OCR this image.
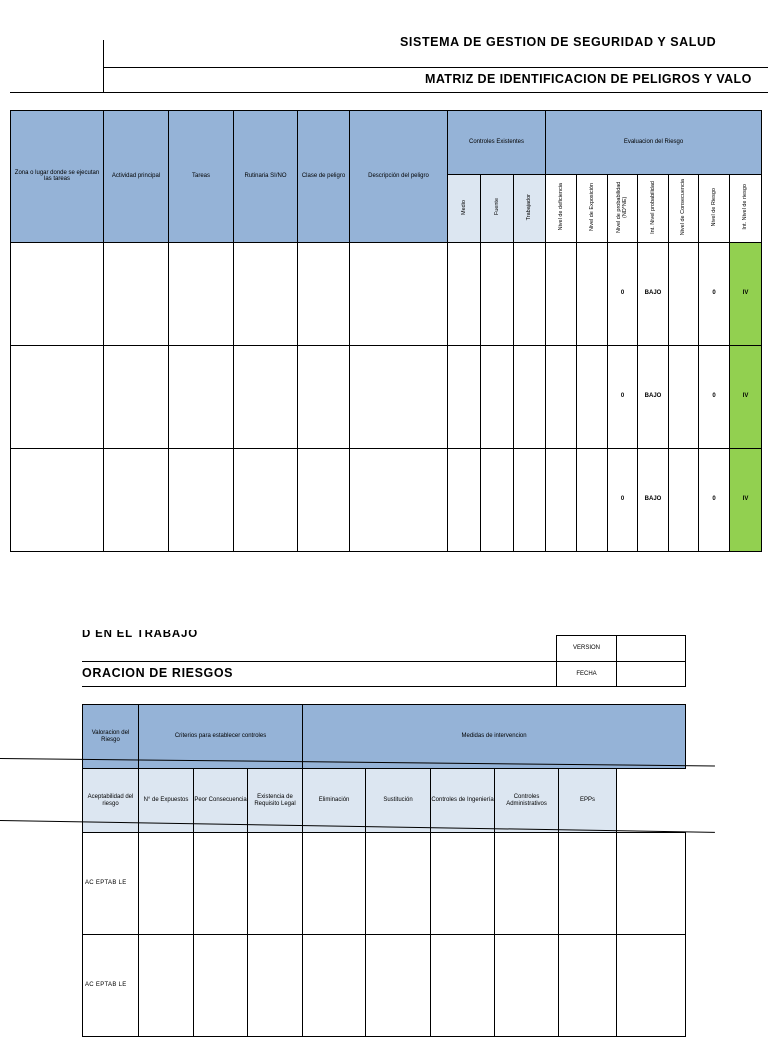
SISTEMA DE GESTION DE SEGURIDAD Y SALUD
MATRIZ DE IDENTIFICACION DE PELIGROS Y VALO
Zona o lugar donde se ejecutan las tareas	Actividad principal	Tareas	Rutinaria SI/NO	Clase de peligro	Descripción del peligro	Controles Existentes			Evaluacion del Riesgo						
						Medio	Fuente	Trabajador	Nivel de deficiencia	Nivel de Exposición	Nivel de probabilidad (ND*NE)	Int. Nivel probabilidad	Nivel de Consecuencia	Nivel de Riesgo	Int. Nivel de riesgo
											0	BAJO		0	IV
											0	BAJO		0	IV
											0	BAJO		0	IV
D EN EL TRABAJO
ORACION DE RIESGOS
VERSION	
FECHA	
Valoracion del Riesgo	Criterios para establecer controles			Medidas de intervencion					
Aceptabilidad del riesgo	N° de Expuestos	Peor Consecuencia	Existencia de Requisito Legal	Eliminación	Sustitución	Controles de Ingeniería	Controles Administrativos	EPPs	
AC EPTAB LE									
AC EPTAB LE									
